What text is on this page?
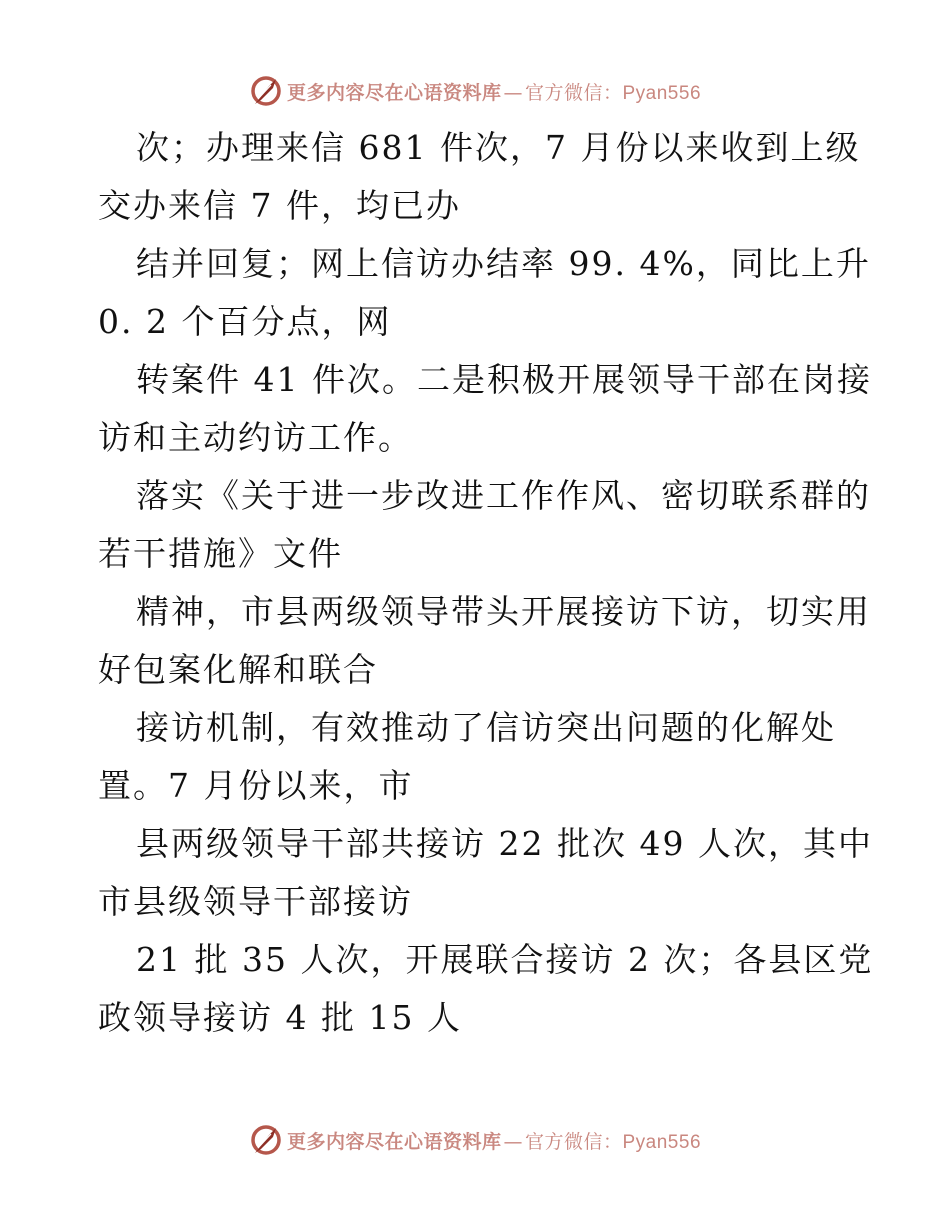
更多内容尽在心语资料库 — 官方微信：Pyan556
次；办理来信 681 件次，7 月份以来收到上级
交办来信 7 件，均已办
结并回复；网上信访办结率 99. 4%，同比上升
0. 2 个百分点，网
转案件 41 件次。二是积极开展领导干部在岗接
访和主动约访工作。
落实《关于进一步改进工作作风、密切联系群的
若干措施》文件
精神，市县两级领导带头开展接访下访，切实用
好包案化解和联合
接访机制，有效推动了信访突出问题的化解处
置。7 月份以来，市
县两级领导干部共接访 22 批次 49 人次，其中
市县级领导干部接访
21 批 35 人次，开展联合接访 2 次；各县区党
政领导接访 4 批 15 人
更多内容尽在心语资料库 — 官方微信：Pyan556
